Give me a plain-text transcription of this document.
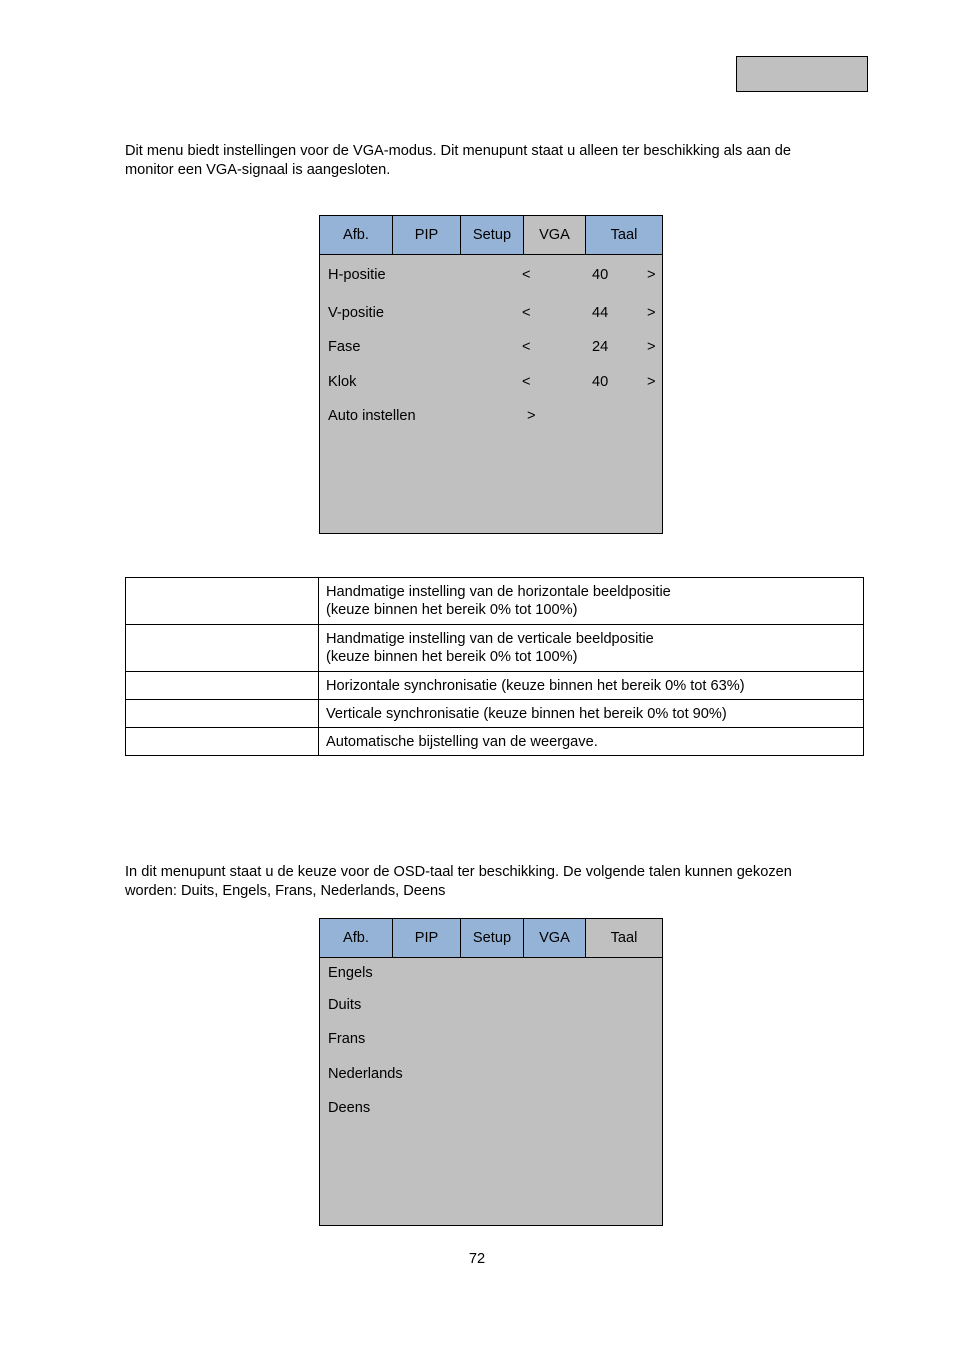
Dit menu biedt instellingen voor de VGA-modus. Dit menupunt staat u alleen ter beschikking als aan de
monitor een VGA-signaal is aangesloten.

Afb.	PIP	Setup	VGA	Taal
H-positie	<	40	>
V-positie	<	44	>
Fase	<	24	>
Klok	<	40	>
Auto instellen	>

	Handmatige instelling van de horizontale beeldpositie
(keuze binnen het bereik 0% tot 100%)

	Handmatige instelling van de verticale beeldpositie
(keuze binnen het bereik 0% tot 100%)

	Horizontale synchronisatie (keuze binnen het bereik 0% tot 63%)

	Verticale synchronisatie (keuze binnen het bereik 0% tot 90%)

	Automatische bijstelling van de weergave.

In dit menupunt staat u de keuze voor de OSD-taal ter beschikking. De volgende talen kunnen gekozen
worden: Duits, Engels, Frans, Nederlands, Deens

Afb.	PIP	Setup	VGA	Taal
Engels
Duits
Frans
Nederlands
Deens
72
